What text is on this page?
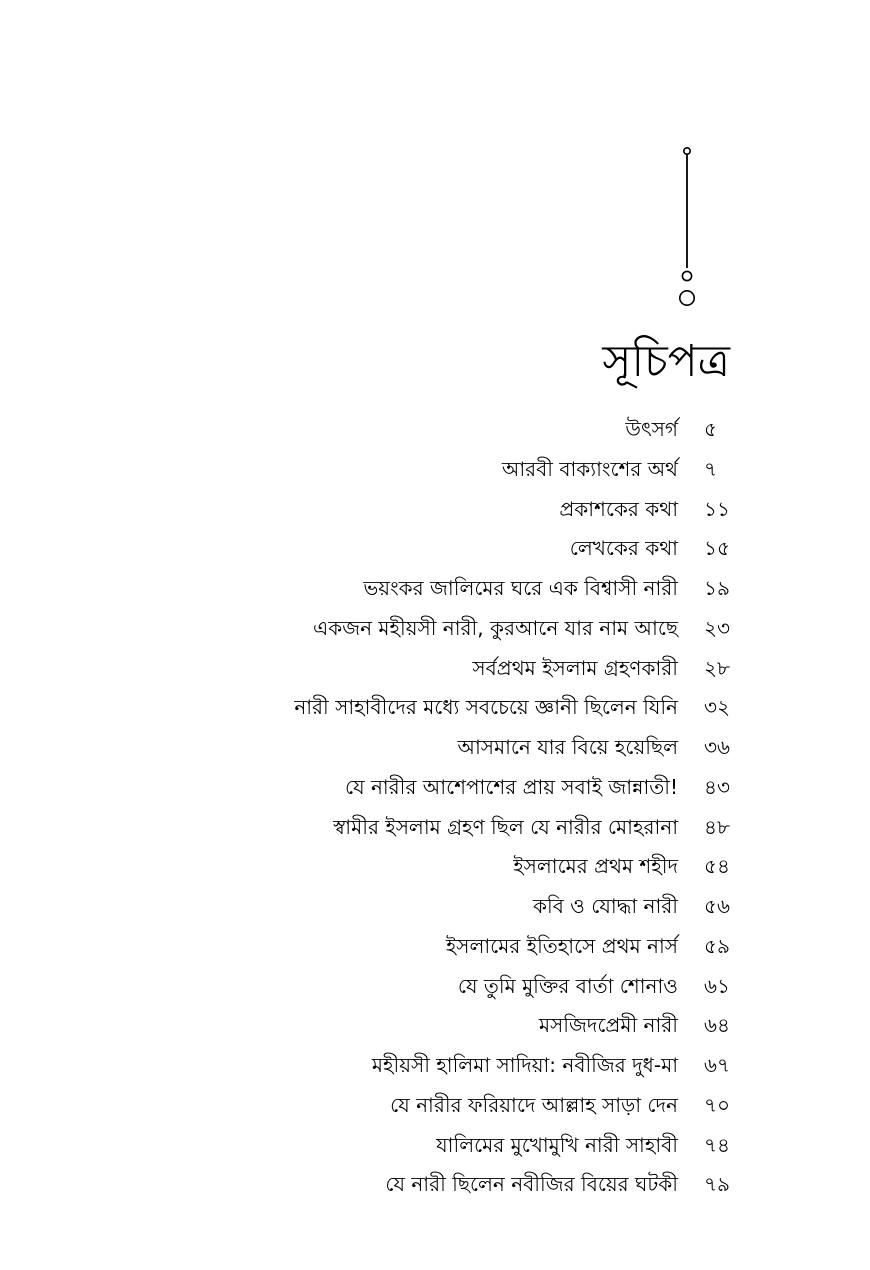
সূচিপত্র
উৎসর্গ ৫
আরবী বাক্যাংশের অর্থ ৭
প্রকাশকের কথা ১১
লেখকের কথা ১৫
ভয়ংকর জালিমের ঘরে এক বিশ্বাসী নারী ১৯
একজন মহীয়সী নারী, কুরআনে যার নাম আছে ২৩
সর্বপ্রথম ইসলাম গ্রহণকারী ২৮
নারী সাহাবীদের মধ্যে সবচেয়ে জ্ঞানী ছিলেন যিনি ৩২
আসমানে যার বিয়ে হয়েছিল ৩৬
যে নারীর আশেপাশের প্রায় সবাই জান্নাতী! ৪৩
স্বামীর ইসলাম গ্রহণ ছিল যে নারীর মোহরানা ৪৮
ইসলামের প্রথম শহীদ ৫৪
কবি ও যোদ্ধা নারী ৫৬
ইসলামের ইতিহাসে প্রথম নার্স ৫৯
যে তুমি মুক্তির বার্তা শোনাও ৬১
মসজিদপ্রেমী নারী ৬৪
মহীয়সী হালিমা সাদিয়া: নবীজির দুধ-মা ৬৭
যে নারীর ফরিয়াদে আল্লাহ সাড়া দেন ৭০
যালিমের মুখোমুখি নারী সাহাবী ৭৪
যে নারী ছিলেন নবীজির বিয়ের ঘটকী ৭৯
